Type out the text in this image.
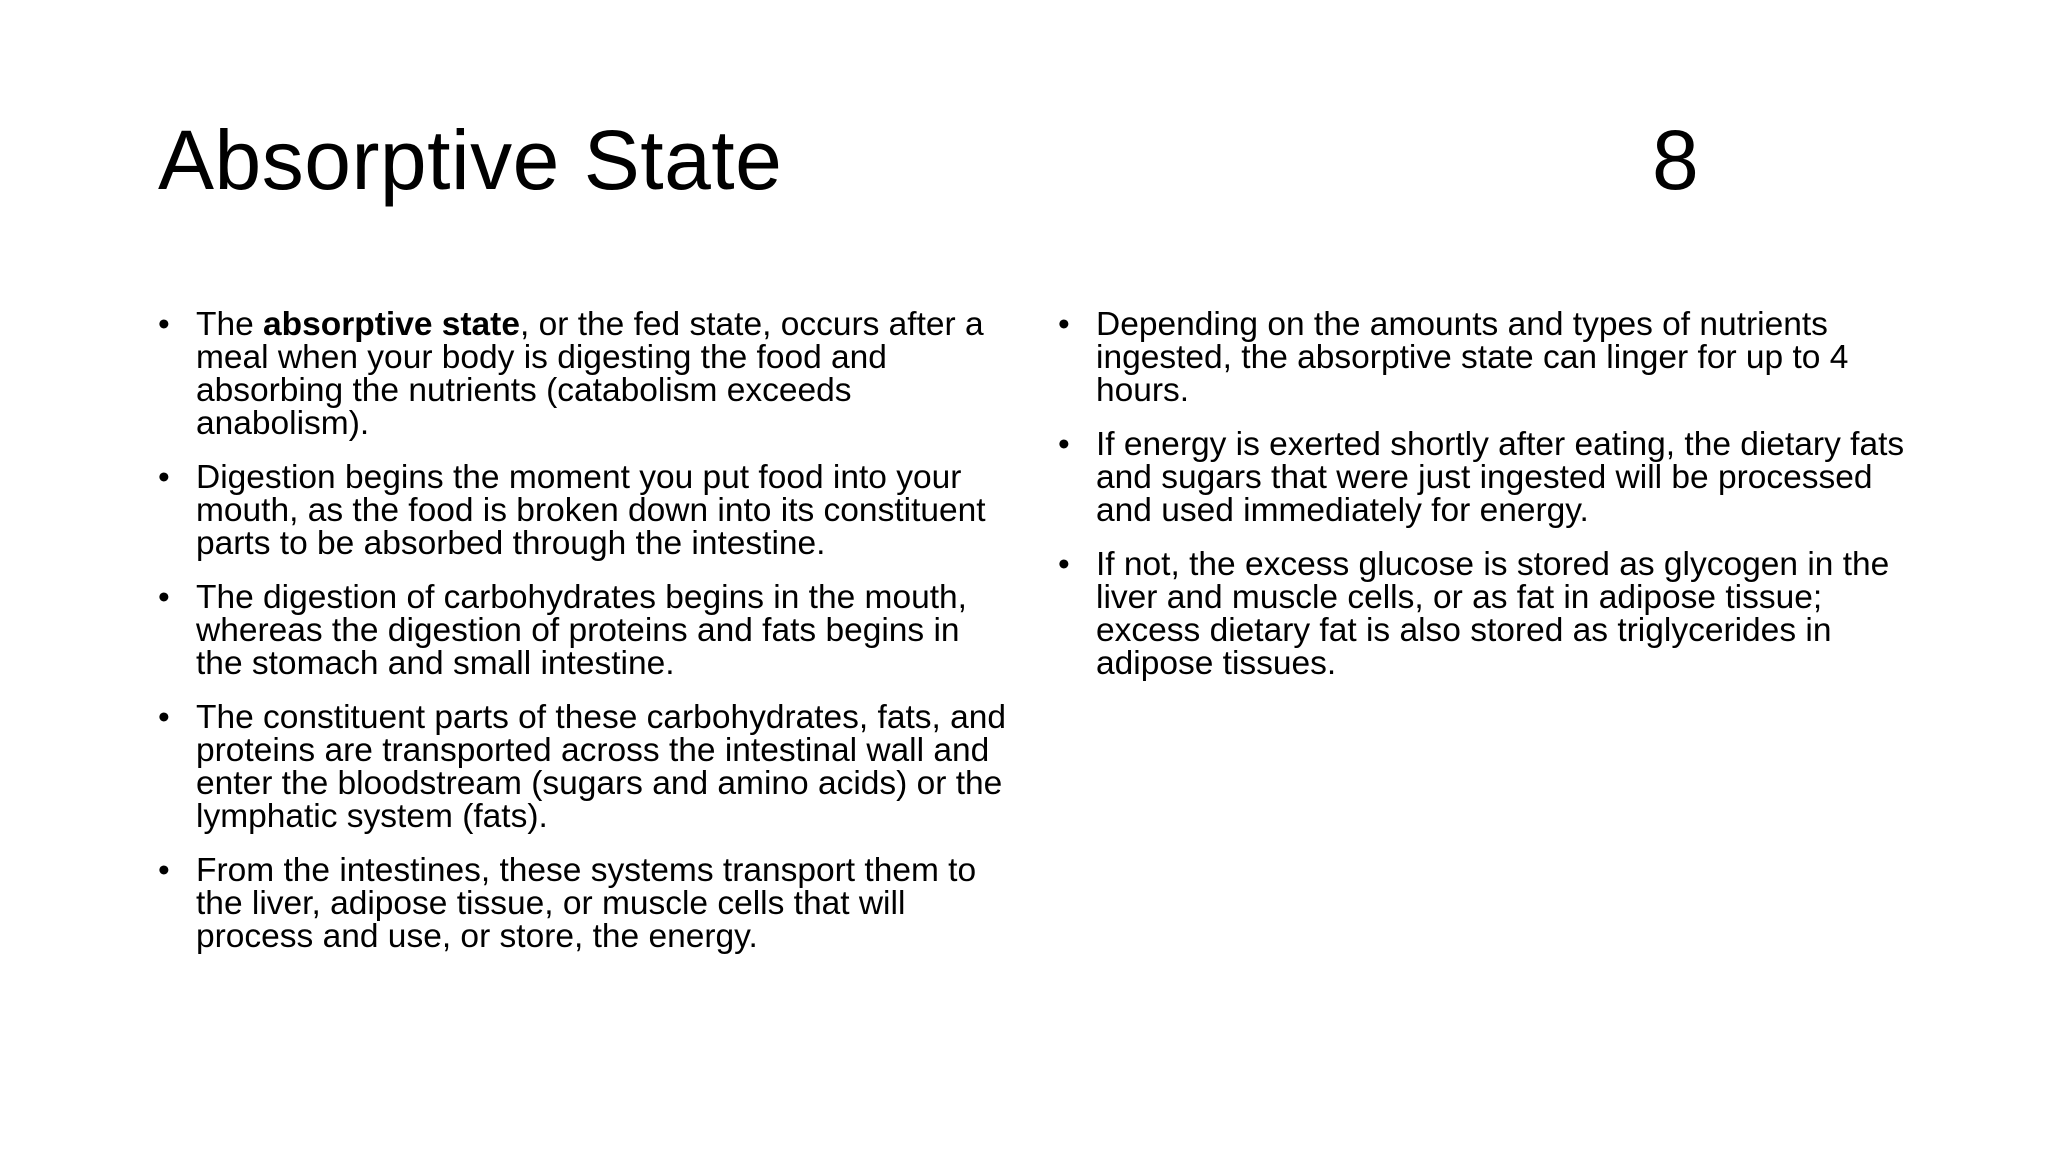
Absorptive State	8
• The absorptive state, or the fed state, occurs after a meal when your body is digesting the food and absorbing the nutrients (catabolism exceeds anabolism).
• Digestion begins the moment you put food into your mouth, as the food is broken down into its constituent parts to be absorbed through the intestine.
• The digestion of carbohydrates begins in the mouth, whereas the digestion of proteins and fats begins in the stomach and small intestine.
• The constituent parts of these carbohydrates, fats, and proteins are transported across the intestinal wall and enter the bloodstream (sugars and amino acids) or the lymphatic system (fats).
• From the intestines, these systems transport them to the liver, adipose tissue, or muscle cells that will process and use, or store, the energy.
• Depending on the amounts and types of nutrients ingested, the absorptive state can linger for up to 4 hours.
• If energy is exerted shortly after eating, the dietary fats and sugars that were just ingested will be processed and used immediately for energy.
• If not, the excess glucose is stored as glycogen in the liver and muscle cells, or as fat in adipose tissue; excess dietary fat is also stored as triglycerides in adipose tissues.
